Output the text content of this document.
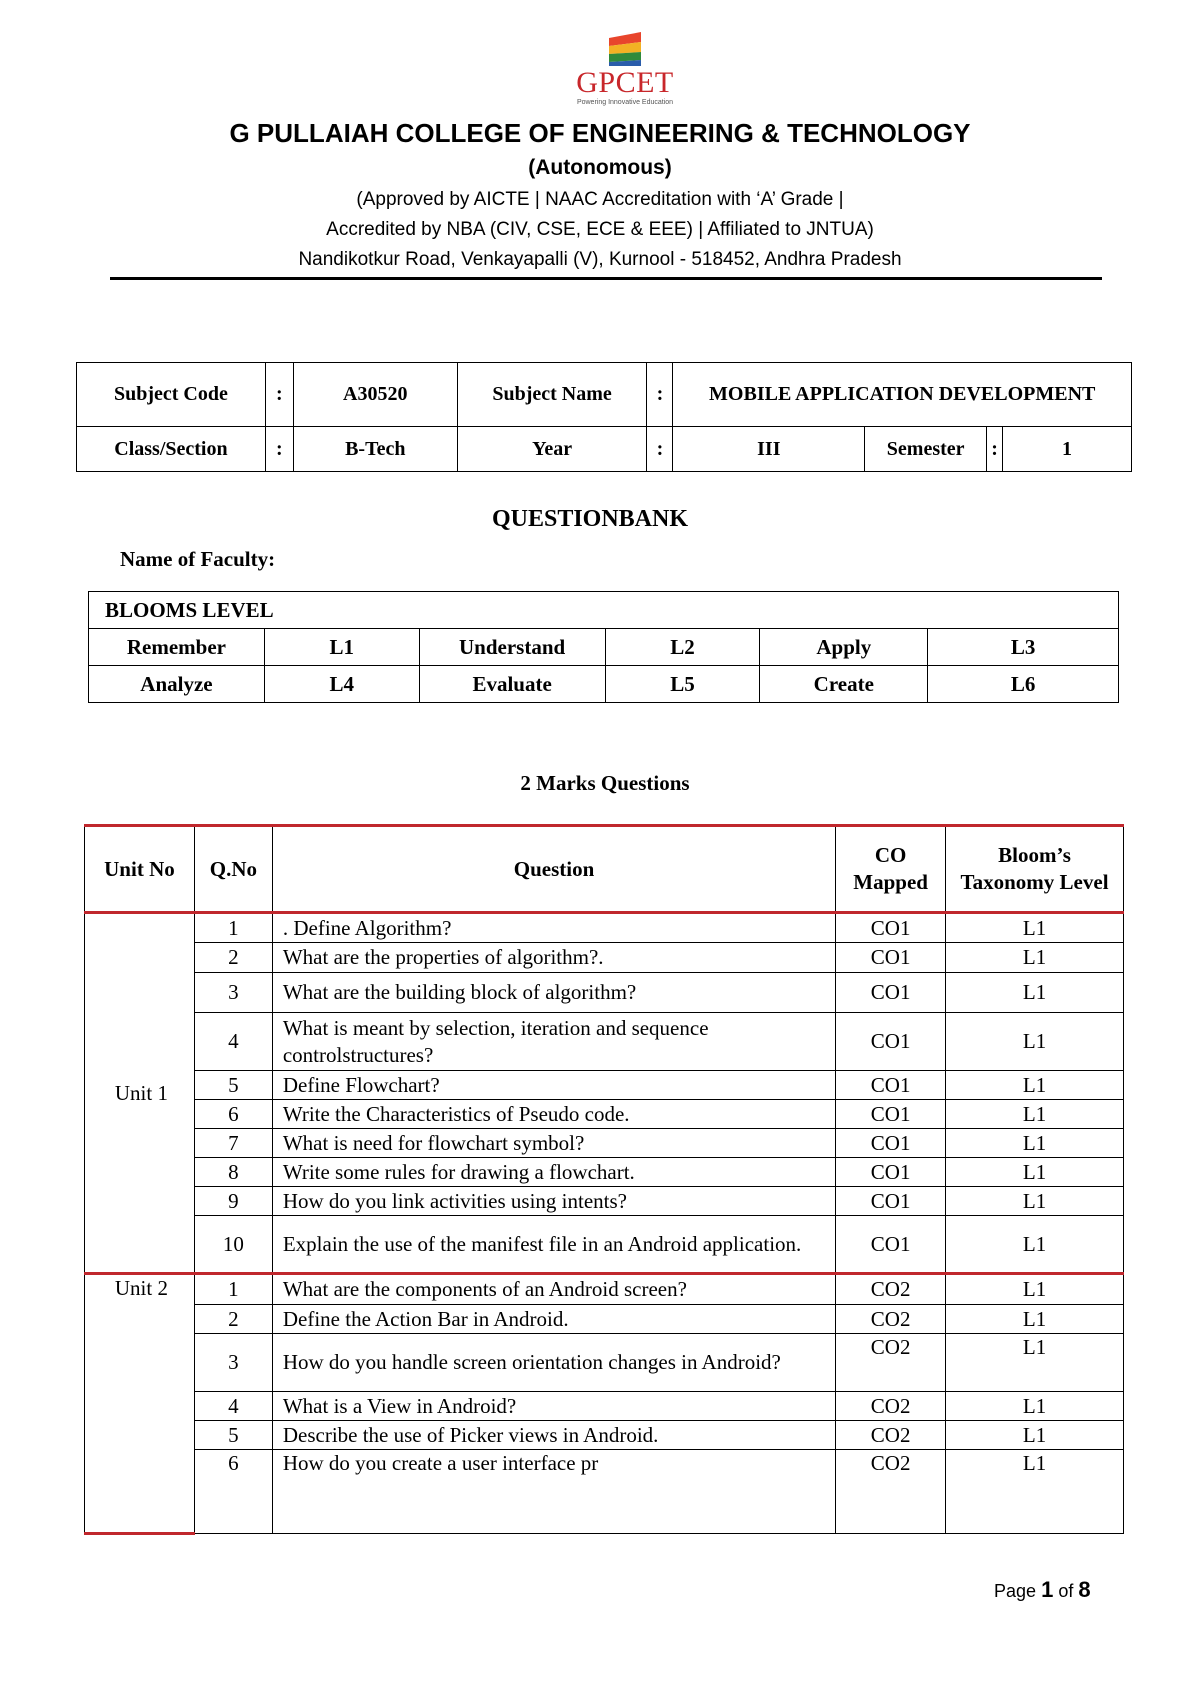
GPCET
Powering Innovative Education
G PULLAIAH COLLEGE OF ENGINEERING & TECHNOLOGY
(Autonomous)
(Approved by AICTE | NAAC Accreditation with ‘A’ Grade |
Accredited by NBA (CIV, CSE, ECE & EEE) | Affiliated to JNTUA)
Nandikotkur Road, Venkayapalli (V), Kurnool - 518452, Andhra Pradesh
Subject Code	:	A30520	Subject Name	:	MOBILE APPLICATION DEVELOPMENT			
Class/Section	:	B-Tech	Year	:	III	Semester	:	1
QUESTIONBANK
Name of Faculty:
BLOOMS LEVEL					
Remember	L1	Understand	L2	Apply	L3
Analyze	L4	Evaluate	L5	Create	L6
2 Marks Questions
Unit No	Q.No	Question	CO Mapped	Bloom’s Taxonomy Level
Unit 1	1	. Define Algorithm?	CO1	L1
	2	What are the properties of algorithm?.	CO1	L1
	3	What are the building block of algorithm?	CO1	L1
	4	What is meant by selection, iteration and sequence controlstructures?	CO1	L1
	5	Define Flowchart?	CO1	L1
	6	Write the Characteristics of Pseudo code.	CO1	L1
	7	What is need for flowchart symbol?	CO1	L1
	8	Write some rules for drawing a flowchart.	CO1	L1
	9	How do you link activities using intents?	CO1	L1
	10	Explain the use of the manifest file in an Android application.	CO1	L1
Unit 2	1	What are the components of an Android screen?	CO2	L1
	2	Define the Action Bar in Android.	CO2	L1
	3	How do you handle screen orientation changes in Android?	CO2	L1
	4	What is a View in Android?	CO2	L1
	5	Describe the use of Picker views in Android.	CO2	L1
	6	How do you create a user interface pr	CO2	L1
Page 1 of 8
